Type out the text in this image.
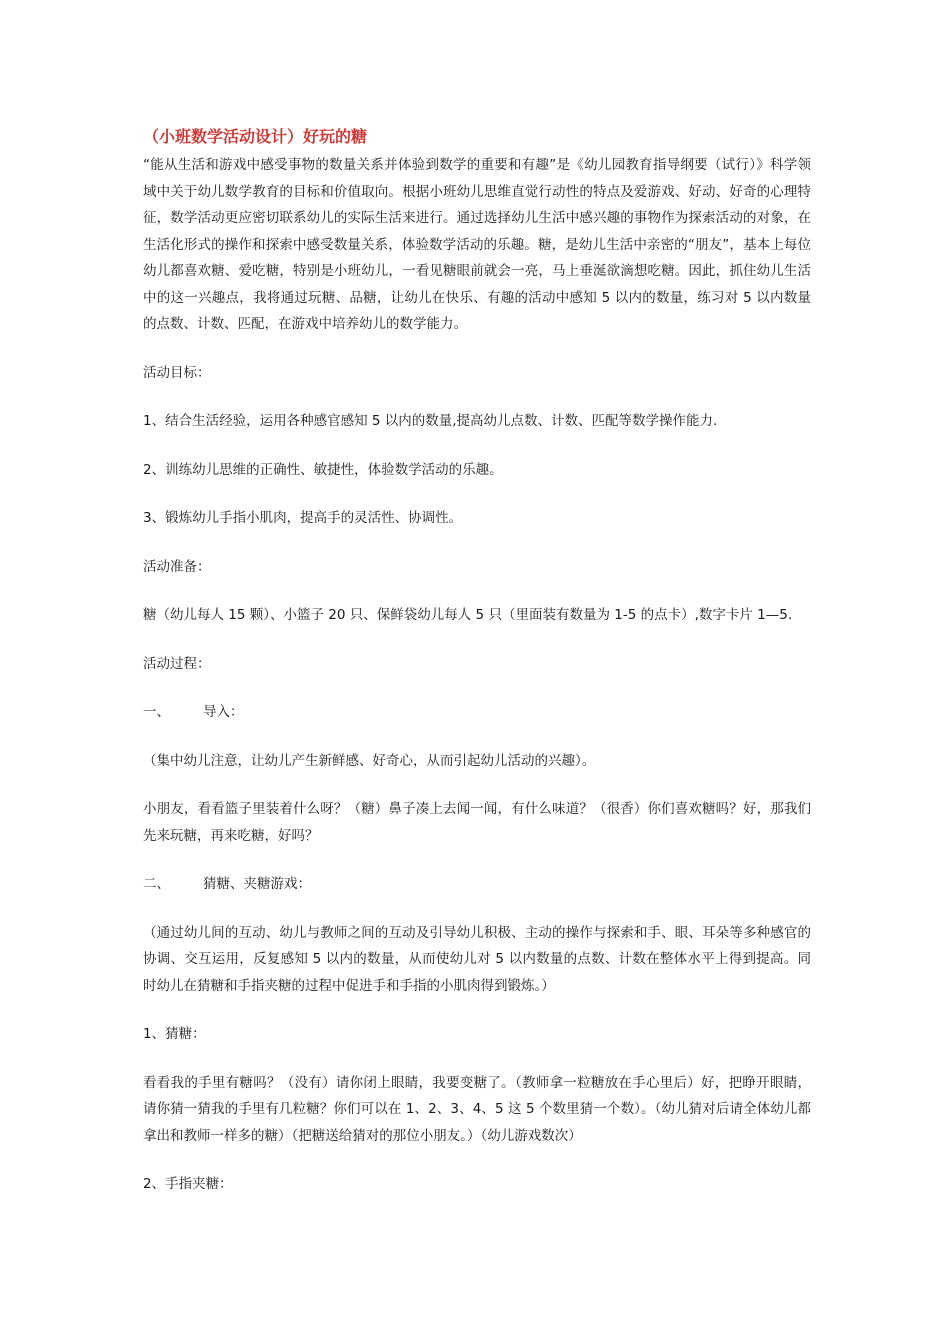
（小班数学活动设计）好玩的糖

“能从生活和游戏中感受事物的数量关系并体验到数学的重要和有趣”是《幼儿园教育指导纲要（试行）》科学领域中关于幼儿数学教育的目标和价值取向。根据小班幼儿思维直觉行动性的特点及爱游戏、好动、好奇的心理特征，数学活动更应密切联系幼儿的实际生活来进行。通过选择幼儿生活中感兴趣的事物作为探索活动的对象，在生活化形式的操作和探索中感受数量关系，体验数学活动的乐趣。糖，是幼儿生活中亲密的“朋友”，基本上每位幼儿都喜欢糖、爱吃糖，特别是小班幼儿，一看见糖眼前就会一亮，马上垂涎欲滴想吃糖。因此，抓住幼儿生活中的这一兴趣点，我将通过玩糖、品糖，让幼儿在快乐、有趣的活动中感知 5 以内的数量，练习对 5 以内数量的点数、计数、匹配，在游戏中培养幼儿的数学能力。

活动目标：

1、结合生活经验，运用各种感官感知 5 以内的数量,提高幼儿点数、计数、匹配等数学操作能力.

2、训练幼儿思维的正确性、敏捷性，体验数学活动的乐趣。

3、锻炼幼儿手指小肌肉，提高手的灵活性、协调性。

活动准备：

糖（幼儿每人 15 颗）、小篮子 20 只、保鲜袋幼儿每人 5 只（里面装有数量为 1-5 的点卡）,数字卡片 1—5.

活动过程：

一、	导入：

（集中幼儿注意，让幼儿产生新鲜感、好奇心，从而引起幼儿活动的兴趣）。

小朋友，看看篮子里装着什么呀？（糖）鼻子凑上去闻一闻，有什么味道？（很香）你们喜欢糖吗？好，那我们先来玩糖，再来吃糖，好吗？

二、	猜糖、夹糖游戏：

（通过幼儿间的互动、幼儿与教师之间的互动及引导幼儿积极、主动的操作与探索和手、眼、耳朵等多种感官的协调、交互运用，反复感知 5 以内的数量，从而使幼儿对 5 以内数量的点数、计数在整体水平上得到提高。同时幼儿在猜糖和手指夹糖的过程中促进手和手指的小肌肉得到锻炼。）

1、猜糖：

看看我的手里有糖吗？（没有）请你闭上眼睛，我要变糖了。（教师拿一粒糖放在手心里后）好，把睁开眼睛，请你猜一猜我的手里有几粒糖？你们可以在 1、2、3、4、5 这 5 个数里猜一个数）。（幼儿猜对后请全体幼儿都拿出和教师一样多的糖）（把糖送给猜对的那位小朋友。）（幼儿游戏数次）

2、手指夹糖：
